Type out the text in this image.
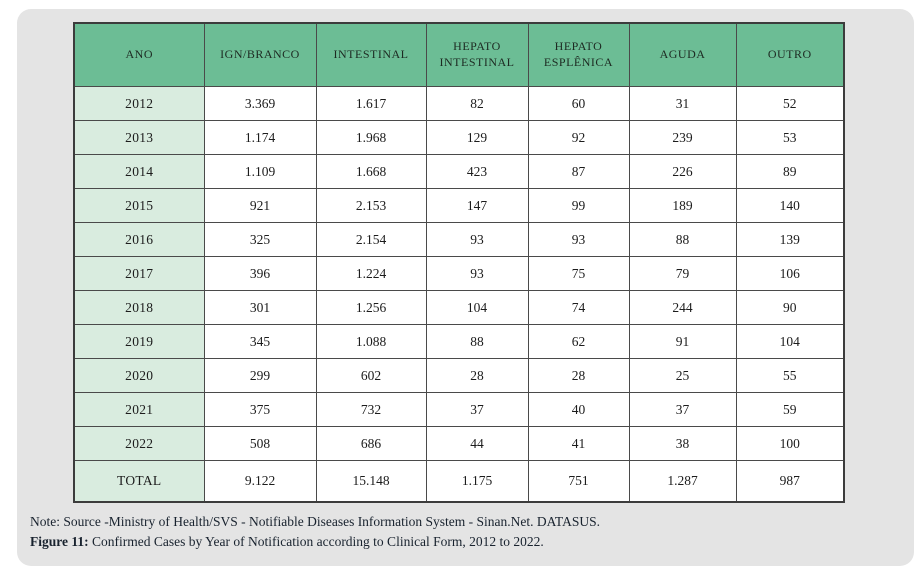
ANO	IGN/BRANCO	INTESTINAL	HEPATO INTESTINAL	HEPATO ESPLÊNICA	AGUDA	OUTRO
2012	3.369	1.617	82	60	31	52
2013	1.174	1.968	129	92	239	53
2014	1.109	1.668	423	87	226	89
2015	921	2.153	147	99	189	140
2016	325	2.154	93	93	88	139
2017	396	1.224	93	75	79	106
2018	301	1.256	104	74	244	90
2019	345	1.088	88	62	91	104
2020	299	602	28	28	25	55
2021	375	732	37	40	37	59
2022	508	686	44	41	38	100
TOTAL	9.122	15.148	1.175	751	1.287	987
Note: Source -Ministry of Health/SVS - Notifiable Diseases Information System - Sinan.Net. DATASUS.
Figure 11: Confirmed Cases by Year of Notification according to Clinical Form, 2012 to 2022.
